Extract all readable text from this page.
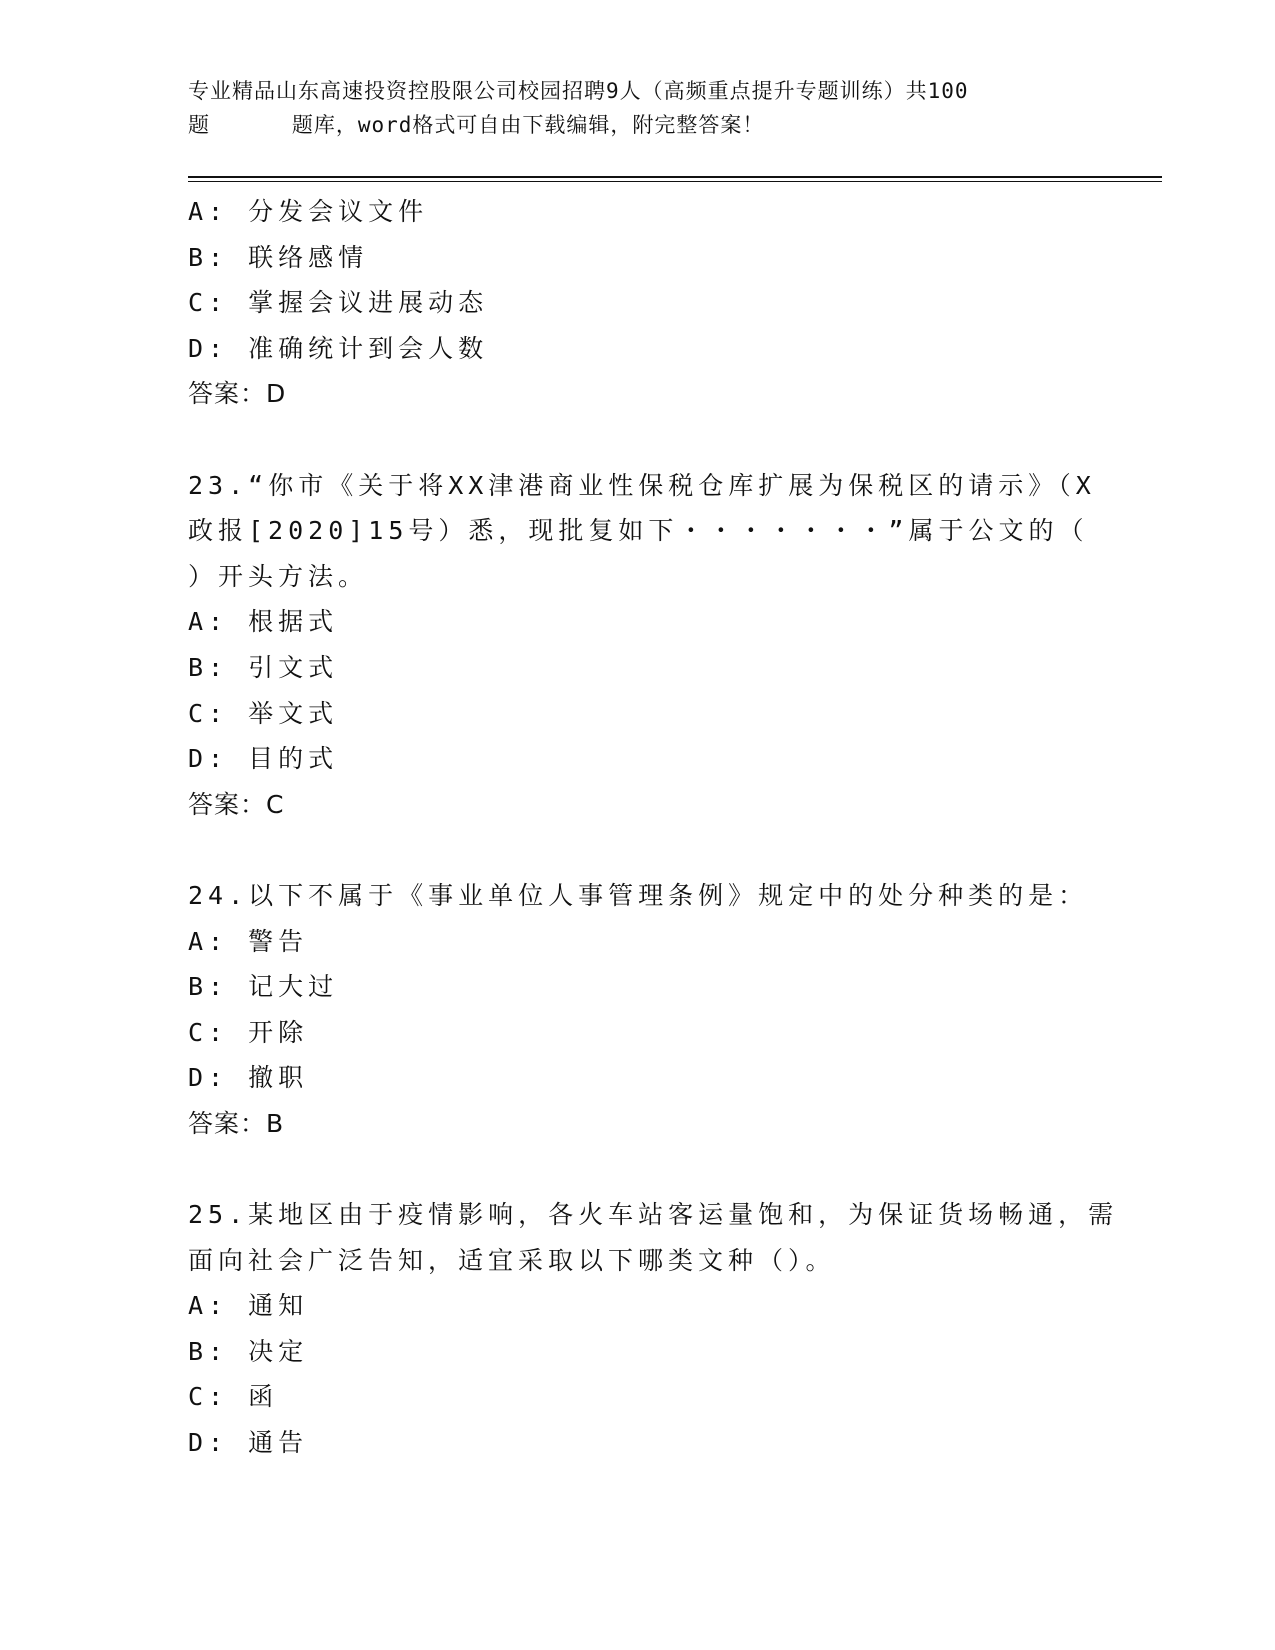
专业精品山东高速投资控股限公司校园招聘9人（高频重点提升专题训练）共100
题      题库，word格式可自由下载编辑，附完整答案！
A: 分发会议文件
B: 联络感情
C: 掌握会议进展动态
D: 准确统计到会人数
答案：D
23.“你市《关于将XX津港商业性保税仓库扩展为保税区的请示》（X
政报[2020]15号）悉，现批复如下・・・・・・・”属于公文的（
）开头方法。
A: 根据式
B: 引文式
C: 举文式
D: 目的式
答案：C
24.以下不属于《事业单位人事管理条例》规定中的处分种类的是：
A: 警告
B: 记大过
C: 开除
D: 撤职
答案：B
25.某地区由于疫情影响，各火车站客运量饱和，为保证货场畅通，需
面向社会广泛告知，适宜采取以下哪类文种（）。
A: 通知
B: 决定
C: 函
D: 通告
